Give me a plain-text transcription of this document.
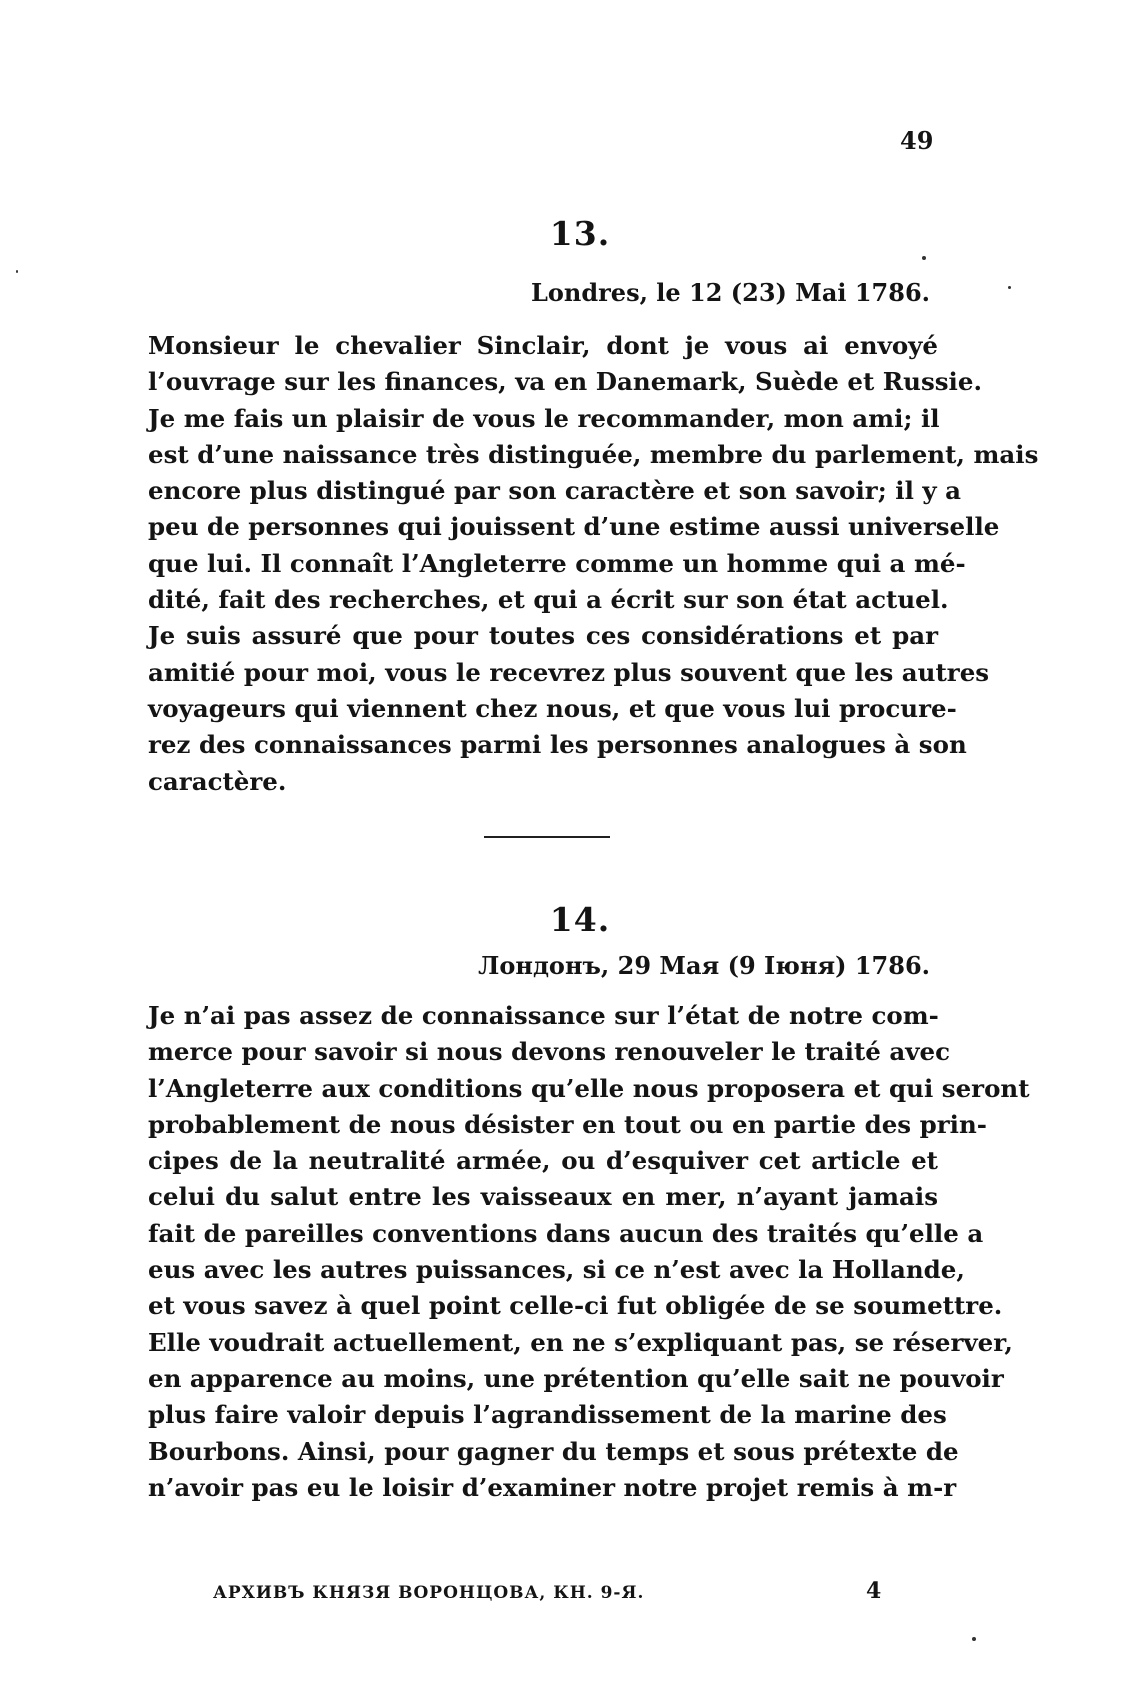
49
13.
Londres, le 12 (23) Mai 1786.
Monsieur le chevalier Sinclair, dont je vous ai envoyé
l’ouvrage sur les finances, va en Danemark, Suède et Russie.
Je me fais un plaisir de vous le recommander, mon ami; il
est d’une naissance très distinguée, membre du parlement, mais
encore plus distingué par son caractère et son savoir; il y a
peu de personnes qui jouissent d’une estime aussi universelle
que lui. Il connaît l’Angleterre comme un homme qui a mé-
dité, fait des recherches, et qui a écrit sur son état actuel.
Je suis assuré que pour toutes ces considérations et par
amitié pour moi, vous le recevrez plus souvent que les autres
voyageurs qui viennent chez nous, et que vous lui procure-
rez des connaissances parmi les personnes analogues à son
caractère.
14.
Лондонъ, 29 Мая (9 Іюня) 1786.
Je n’ai pas assez de connaissance sur l’état de notre com-
merce pour savoir si nous devons renouveler le traité avec
l’Angleterre aux conditions qu’elle nous proposera et qui seront
probablement de nous désister en tout ou en partie des prin-
cipes de la neutralité armée, ou d’esquiver cet article et
celui du salut entre les vaisseaux en mer, n’ayant jamais
fait de pareilles conventions dans aucun des traités qu’elle a
eus avec les autres puissances, si ce n’est avec la Hollande,
et vous savez à quel point celle-ci fut obligée de se soumettre.
Elle voudrait actuellement, en ne s’expliquant pas, se réserver,
en apparence au moins, une prétention qu’elle sait ne pouvoir
plus faire valoir depuis l’agrandissement de la marine des
Bourbons. Ainsi, pour gagner du temps et sous prétexte de
n’avoir pas eu le loisir d’examiner notre projet remis à m-r
АРХИВЪ КНЯЗЯ ВОРОНЦОВА, КН. 9-Я.	4
